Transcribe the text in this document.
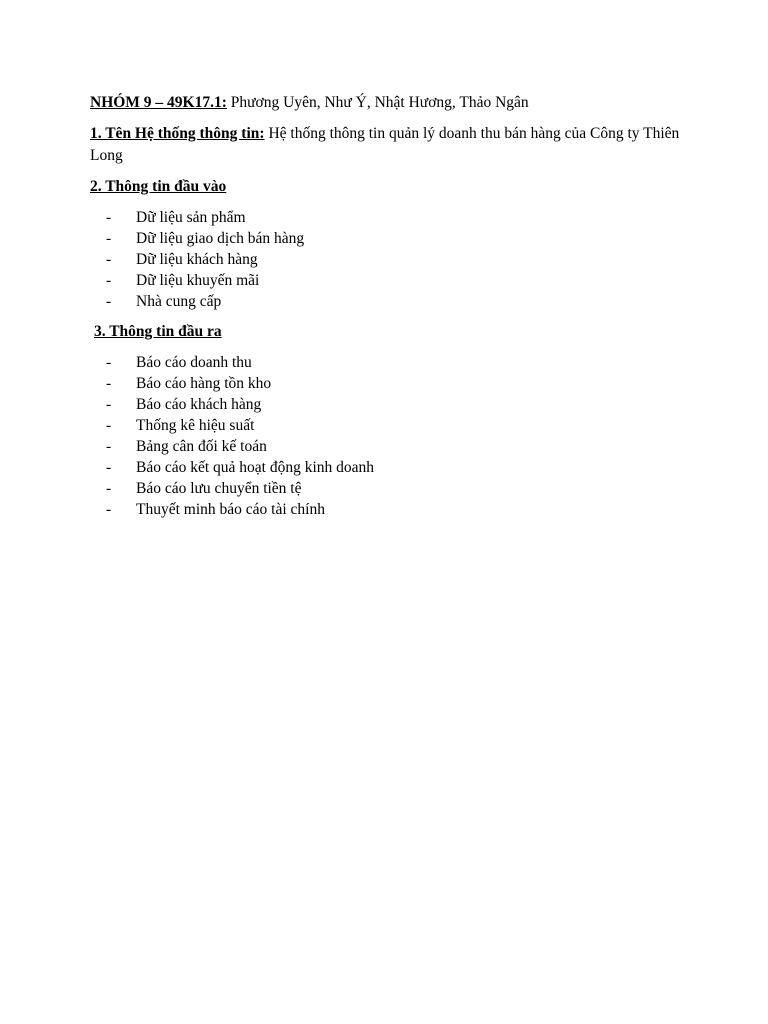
NHÓM 9 – 49K17.1: Phương Uyên, Như Ý, Nhật Hương, Thảo Ngân

1. Tên Hệ thống thông tin: Hệ thống thông tin quản lý doanh thu bán hàng của Công ty Thiên Long

2. Thông tin đầu vào

-	Dữ liệu sản phẩm
-	Dữ liệu giao dịch bán hàng
-	Dữ liệu khách hàng
-	Dữ liệu khuyến mãi
-	Nhà cung cấp

3. Thông tin đầu ra

-	Báo cáo doanh thu
-	Báo cáo hàng tồn kho
-	Báo cáo khách hàng
-	Thống kê hiệu suất
-	Bảng cân đối kế toán
-	Báo cáo kết quả hoạt động kinh doanh
-	Báo cáo lưu chuyển tiền tệ
-	Thuyết minh báo cáo tài chính
